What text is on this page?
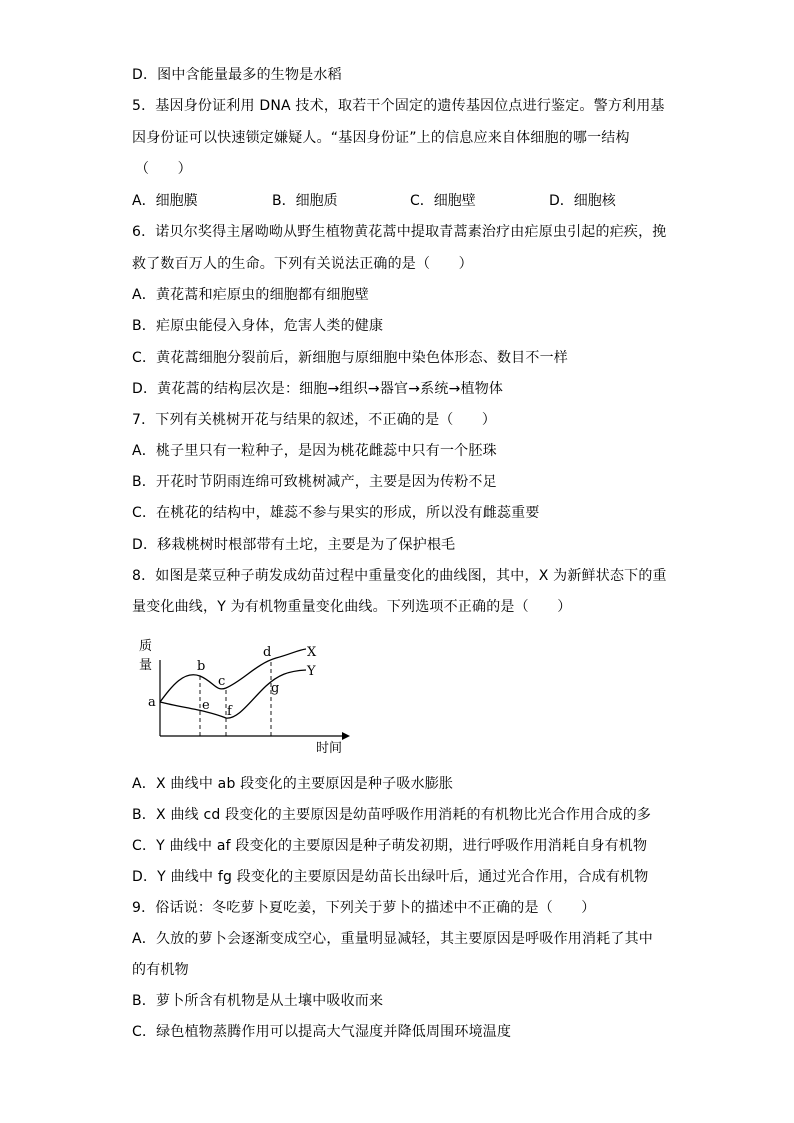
D．图中含能量最多的生物是水稻
5．基因身份证利用 DNA 技术，取若干个固定的遗传基因位点进行鉴定。警方利用基
因身份证可以快速锁定嫌疑人。“基因身份证”上的信息应来自体细胞的哪一结构
（　　）
A．细胞膜	B．细胞质	C．细胞壁	D．细胞核
6．诺贝尔奖得主屠呦呦从野生植物黄花蒿中提取青蒿素治疗由疟原虫引起的疟疾，挽
救了数百万人的生命。下列有关说法正确的是（　　）
A．黄花蒿和疟原虫的细胞都有细胞壁
B．疟原虫能侵入身体，危害人类的健康
C．黄花蒿细胞分裂前后，新细胞与原细胞中染色体形态、数目不一样
D．黄花蒿的结构层次是：细胞→组织→器官→系统→植物体
7．下列有关桃树开花与结果的叙述，不正确的是（　　）
A．桃子里只有一粒种子，是因为桃花雌蕊中只有一个胚珠
B．开花时节阴雨连绵可致桃树减产，主要是因为传粉不足
C．在桃花的结构中，雄蕊不参与果实的形成，所以没有雌蕊重要
D．移栽桃树时根部带有土坨，主要是为了保护根毛
8．如图是菜豆种子萌发成幼苗过程中重量变化的曲线图，其中，X 为新鲜状态下的重
量变化曲线，Y 为有机物重量变化曲线。下列选项不正确的是（　　）
质
量
时间
a
b
c
d
e f
g
X
Y
A．X 曲线中 ab 段变化的主要原因是种子吸水膨胀
B．X 曲线 cd 段变化的主要原因是幼苗呼吸作用消耗的有机物比光合作用合成的多
C．Y 曲线中 af 段变化的主要原因是种子萌发初期，进行呼吸作用消耗自身有机物
D．Y 曲线中 fg 段变化的主要原因是幼苗长出绿叶后，通过光合作用，合成有机物
9．俗话说：冬吃萝卜夏吃姜，下列关于萝卜的描述中不正确的是（　　）
A．久放的萝卜会逐渐变成空心，重量明显减轻，其主要原因是呼吸作用消耗了其中
的有机物
B．萝卜所含有机物是从土壤中吸收而来
C．绿色植物蒸腾作用可以提高大气湿度并降低周围环境温度
